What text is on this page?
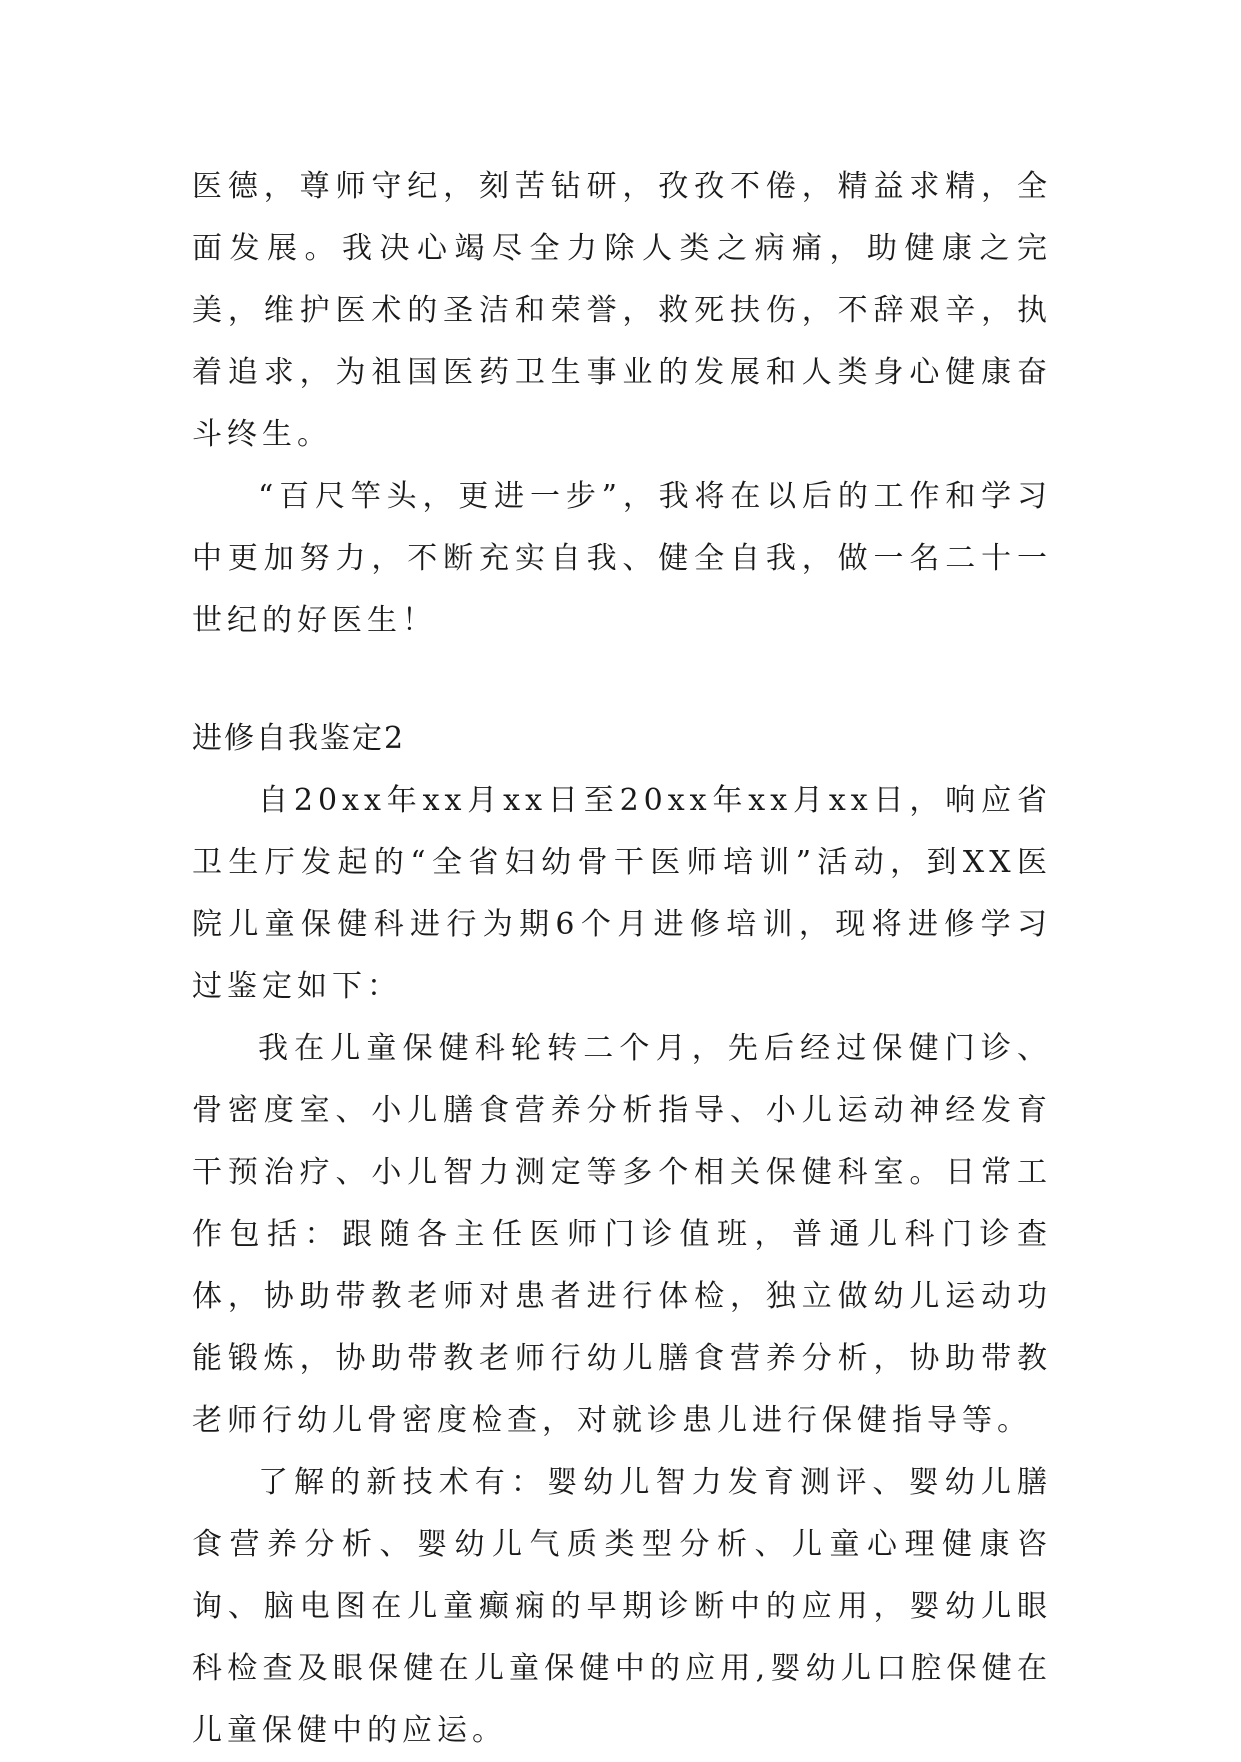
医德，尊师守纪，刻苦钻研，孜孜不倦，精益求精，全面发展。我决心竭尽全力除人类之病痛，助健康之完美，维护医术的圣洁和荣誉，救死扶伤，不辞艰辛，执着追求，为祖国医药卫生事业的发展和人类身心健康奋斗终生。

“百尺竿头，更进一步”，我将在以后的工作和学习中更加努力，不断充实自我、健全自我，做一名二十一世纪的好医生！

进修自我鉴定2

自20xx年xx月xx日至20xx年xx月xx日，响应省卫生厅发起的“全省妇幼骨干医师培训”活动，到XX医院儿童保健科进行为期6个月进修培训，现将进修学习过鉴定如下：

我在儿童保健科轮转二个月，先后经过保健门诊、骨密度室、小儿膳食营养分析指导、小儿运动神经发育干预治疗、小儿智力测定等多个相关保健科室。日常工作包括：跟随各主任医师门诊值班，普通儿科门诊查体，协助带教老师对患者进行体检，独立做幼儿运动功能锻炼，协助带教老师行幼儿膳食营养分析，协助带教老师行幼儿骨密度检查，对就诊患儿进行保健指导等。

了解的新技术有：婴幼儿智力发育测评、婴幼儿膳食营养分析、婴幼儿气质类型分析、儿童心理健康咨询、脑电图在儿童癫痫的早期诊断中的应用，婴幼儿眼科检查及眼保健在儿童保健中的应用,婴幼儿口腔保健在儿童保健中的应运。
